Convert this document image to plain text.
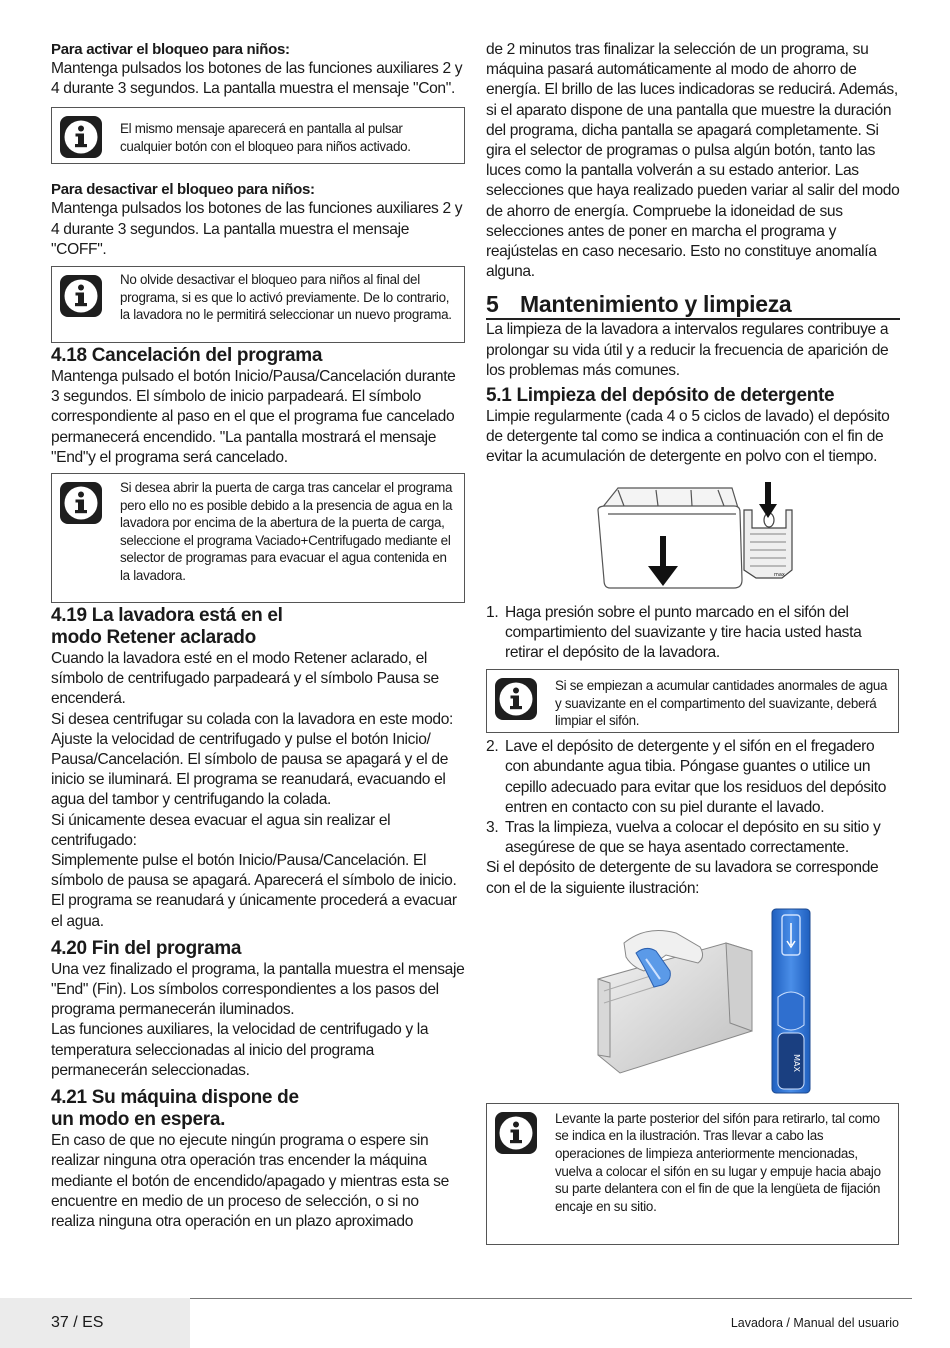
Para activar el bloqueo para niños:

Mantenga pulsados los botones de las funciones auxiliares 2 y 4 durante 3 segundos. La pantalla muestra el mensaje "Con".

El mismo mensaje aparecerá en pantalla al pulsar cualquier botón con el bloqueo para niños activado.

Para desactivar el bloqueo para niños:

Mantenga pulsados los botones de las funciones auxiliares 2 y 4 durante 3 segundos. La pantalla muestra el mensaje "COFF".

No olvide desactivar el bloqueo para niños al final del programa, si es que lo activó previamente. De lo contrario, la lavadora no le permitirá seleccionar un nuevo programa.
4.18 Cancelación del programa

Mantenga pulsado el botón Inicio/Pausa/Cancelación durante 3 segundos. El símbolo de inicio parpadeará. El símbolo correspondiente al paso en el que el programa fue cancelado permanecerá encendido. "La pantalla mostrará el mensaje "End"y el programa será cancelado.

Si desea abrir la puerta de carga tras cancelar el programa pero ello no es posible debido a la presencia de agua en la lavadora por encima de la abertura de la puerta de carga, seleccione el programa Vaciado+Centrifugado mediante el selector de programas para evacuar el agua contenida en la lavadora.
4.19 La lavadora está en el
modo Retener aclarado

Cuando la lavadora esté en el modo Retener aclarado, el símbolo de centrifugado parpadeará y el símbolo Pausa se encenderá.

Si desea centrifugar su colada con la lavadora en este modo:

Ajuste la velocidad de centrifugado y pulse el botón Inicio/ Pausa/Cancelación. El símbolo de pausa se apagará y el de inicio se iluminará. El programa se reanudará, evacuando el agua del tambor y centrifugando la colada.

Si únicamente desea evacuar el agua sin realizar el centrifugado:

Simplemente pulse el botón Inicio/Pausa/Cancelación. El símbolo de pausa se apagará. Aparecerá el símbolo de inicio. El programa se reanudará y únicamente procederá a evacuar el agua.

4.20 Fin del programa

Una vez finalizado el programa, la pantalla muestra el mensaje "End" (Fin). Los símbolos correspondientes a los pasos del programa permanecerán iluminados.

Las funciones auxiliares, la velocidad de centrifugado y la temperatura seleccionadas al inicio del programa permanecerán seleccionadas.

4.21 Su máquina dispone de
un modo en espera.

En caso de que no ejecute ningún programa o espere sin realizar ninguna otra operación tras encender la máquina mediante el botón de encendido/apagado y mientras esta se encuentre en medio de un proceso de selección, o si no realiza ninguna otra operación en un plazo aproximado

de 2 minutos tras finalizar la selección de un programa, su máquina pasará automáticamente al modo de ahorro de energía. El brillo de las luces indicadoras se reducirá. Además, si el aparato dispone de una pantalla que muestre la duración del programa, dicha pantalla se apagará completamente. Si gira el selector de programas o pulsa algún botón, tanto las luces como la pantalla volverán a su estado anterior. Las selecciones que haya realizado pueden variar al salir del modo de ahorro de energía. Compruebe la idoneidad de sus selecciones antes de poner en marcha el programa y reajústelas en caso necesario. Esto no constituye anomalía alguna.

5 Mantenimiento y limpieza

La limpieza de la lavadora a intervalos regulares contribuye a prolongar su vida útil y a reducir la frecuencia de aparición de los problemas más comunes.

5.1 Limpieza del depósito de detergente

Limpie regularmente (cada 4 o 5 ciclos de lavado) el depósito de detergente tal como se indica a continuación con el fin de evitar la acumulación de detergente en polvo con el tiempo.

max
1. Haga presión sobre el punto marcado en el sifón del compartimiento del suavizante y tire hacia usted hasta retirar el depósito de la lavadora.
Si se empiezan a acumular cantidades anormales de agua y suavizante en el compartimento del suavizante, deberá limpiar el sifón.
2. Lave el depósito de detergente y el sifón en el fregadero con abundante agua tibia. Póngase guantes o utilice un cepillo adecuado para evitar que los residuos del depósito entren en contacto con su piel durante el lavado.
3. Tras la limpieza, vuelva a colocar el depósito en su sitio y asegúrese de que se haya asentado correctamente.

Si el depósito de detergente de su lavadora se corresponde con el de la siguiente ilustración:

MAX
Levante la parte posterior del sifón para retirarlo, tal como se indica en la ilustración. Tras llevar a cabo las operaciones de limpieza anteriormente mencionadas, vuelva a colocar el sifón en su lugar y empuje hacia abajo su parte delantera con el fin de que la lengüeta de fijación encaje en su sitio.
37 / ES	Lavadora / Manual del usuario
